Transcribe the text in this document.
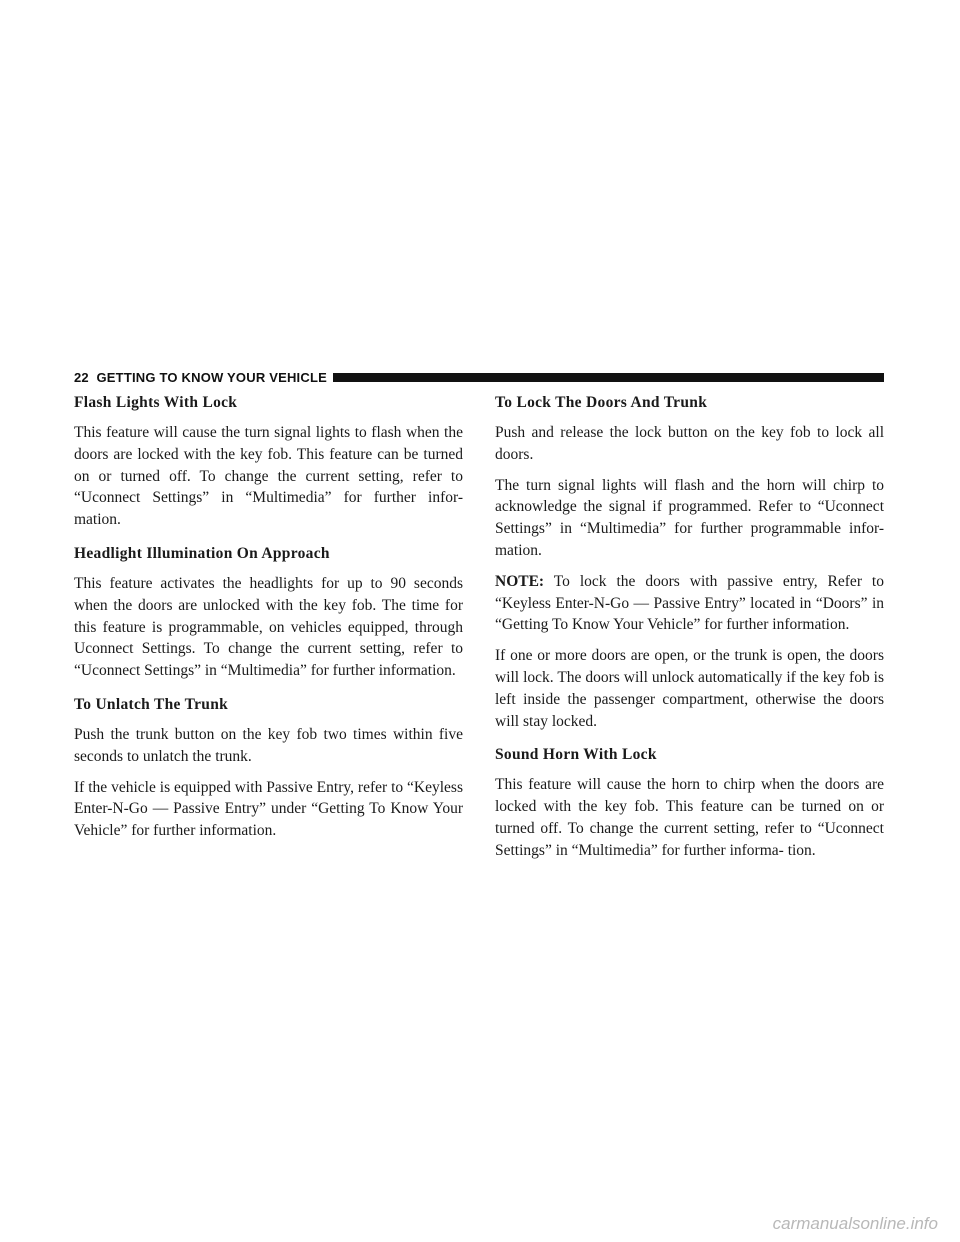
22 GETTING TO KNOW YOUR VEHICLE
Flash Lights With Lock

This feature will cause the turn signal lights to flash when the doors are locked with the key fob. This feature can be turned on or turned off. To change the current setting, refer to “Uconnect Settings” in “Multimedia” for further infor- mation.

Headlight Illumination On Approach

This feature activates the headlights for up to 90 seconds when the doors are unlocked with the key fob. The time for this feature is programmable, on vehicles equipped, through Uconnect Settings. To change the current setting, refer to “Uconnect Settings” in “Multimedia” for further information.

To Unlatch The Trunk

Push the trunk button on the key fob two times within five seconds to unlatch the trunk.

If the vehicle is equipped with Passive Entry, refer to “Keyless Enter-N-Go — Passive Entry” under “Getting To Know Your Vehicle” for further information.

To Lock The Doors And Trunk

Push and release the lock button on the key fob to lock all doors.

The turn signal lights will flash and the horn will chirp to acknowledge the signal if programmed. Refer to “Uconnect Settings” in “Multimedia” for further programmable infor- mation.

NOTE: To lock the doors with passive entry, Refer to “Keyless Enter-N-Go — Passive Entry” located in “Doors” in “Getting To Know Your Vehicle” for further information.

If one or more doors are open, or the trunk is open, the doors will lock. The doors will unlock automatically if the key fob is left inside the passenger compartment, otherwise the doors will stay locked.

Sound Horn With Lock

This feature will cause the horn to chirp when the doors are locked with the key fob. This feature can be turned on or turned off. To change the current setting, refer to “Uconnect Settings” in “Multimedia” for further informa- tion.

carmanualsonline.info
